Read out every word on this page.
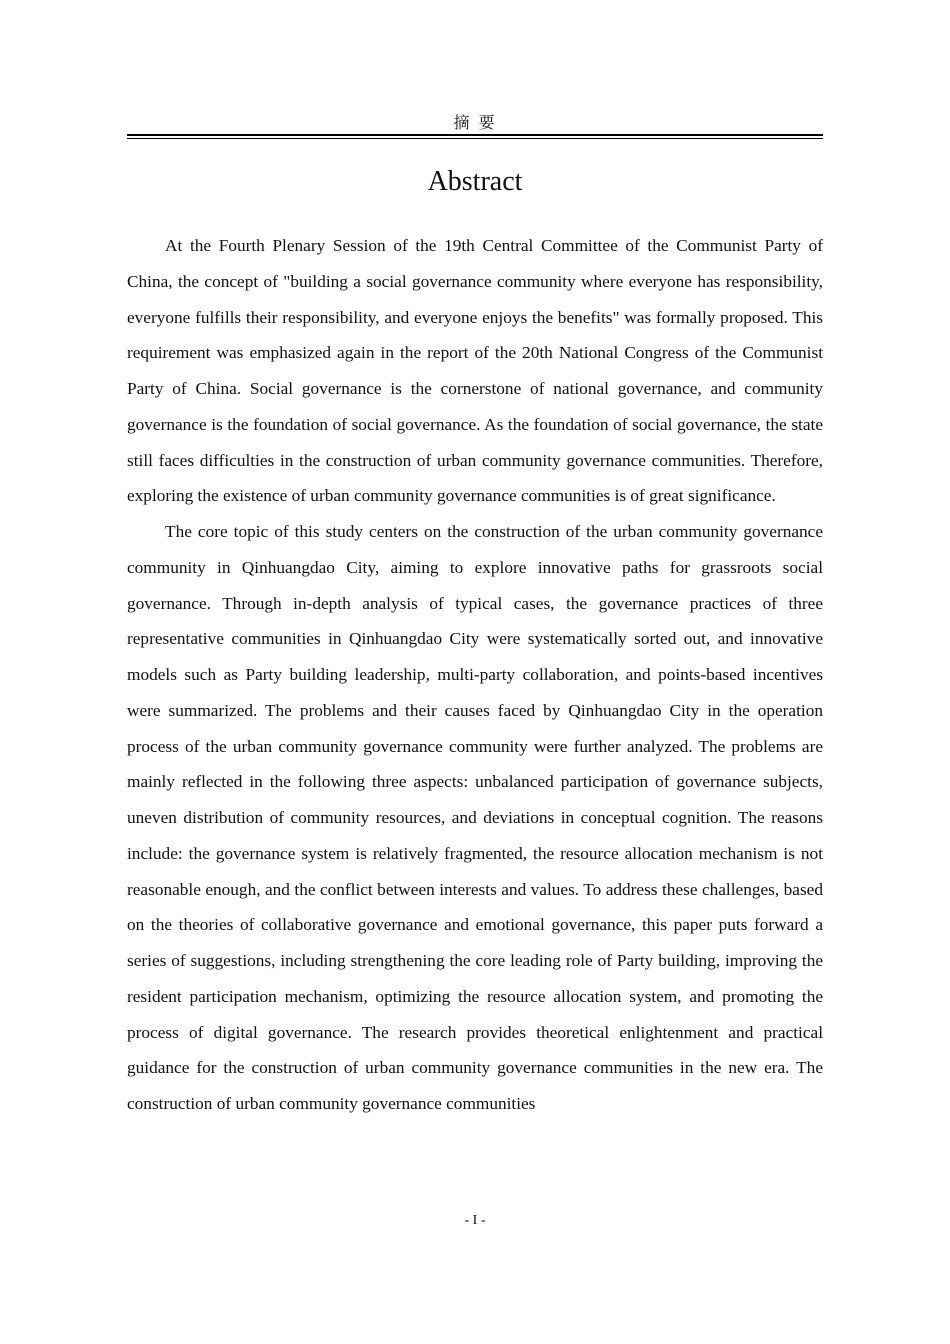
摘 要
Abstract

At the Fourth Plenary Session of the 19th Central Committee of the Communist Party of China, the concept of "building a social governance community where everyone has responsibility, everyone fulfills their responsibility, and everyone enjoys the benefits" was formally proposed. This requirement was emphasized again in the report of the 20th National Congress of the Communist Party of China. Social governance is the cornerstone of national governance, and community governance is the foundation of social governance. As the foundation of social governance, the state still faces difficulties in the construction of urban community governance communities. Therefore, exploring the existence of urban community governance communities is of great significance.

The core topic of this study centers on the construction of the urban community governance community in Qinhuangdao City, aiming to explore innovative paths for grassroots social governance. Through in-depth analysis of typical cases, the governance practices of three representative communities in Qinhuangdao City were systematically sorted out, and innovative models such as Party building leadership, multi-party collaboration, and points-based incentives were summarized. The problems and their causes faced by Qinhuangdao City in the operation process of the urban community governance community were further analyzed. The problems are mainly reflected in the following three aspects: unbalanced participation of governance subjects, uneven distribution of community resources, and deviations in conceptual cognition. The reasons include: the governance system is relatively fragmented, the resource allocation mechanism is not reasonable enough, and the conflict between interests and values. To address these challenges, based on the theories of collaborative governance and emotional governance, this paper puts forward a series of suggestions, including strengthening the core leading role of Party building, improving the resident participation mechanism, optimizing the resource allocation system, and promoting the process of digital governance. The research provides theoretical enlightenment and practical guidance for the construction of urban community governance communities in the new era. The construction of urban community governance communities

- I -
